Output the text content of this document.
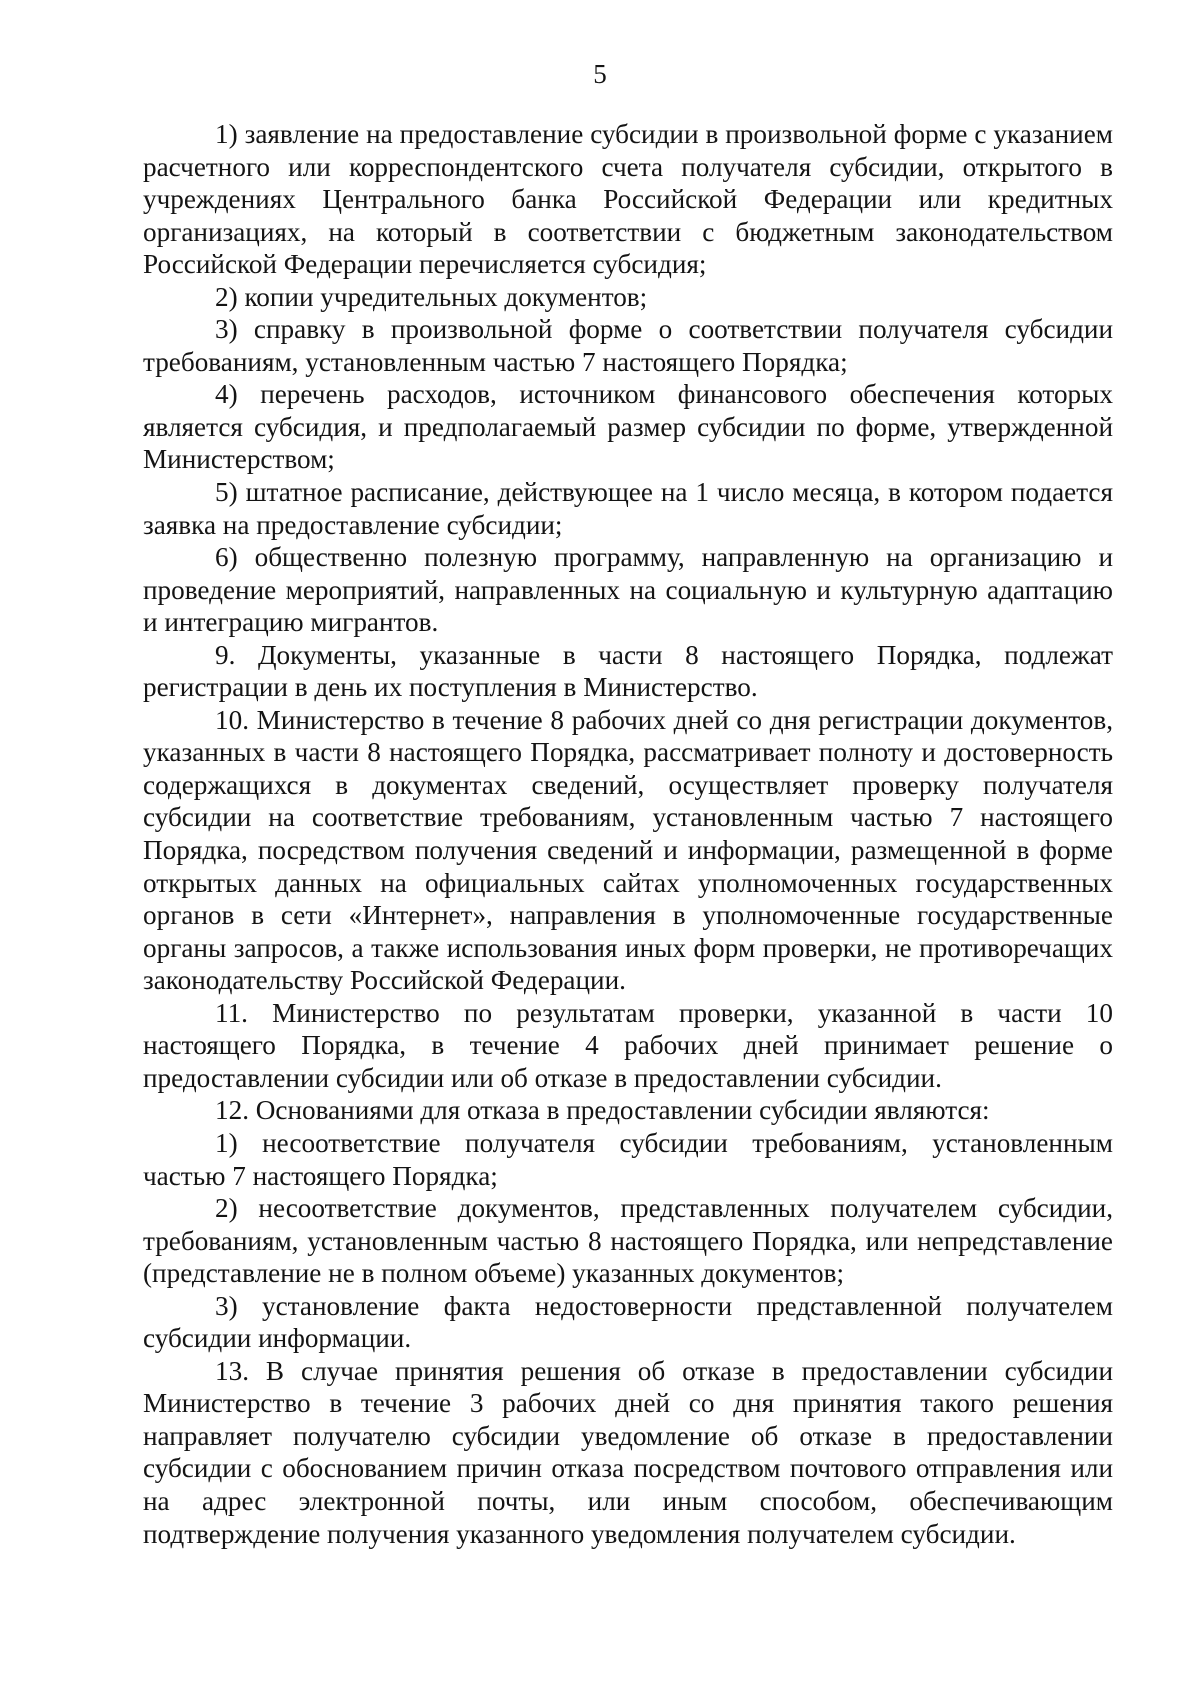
5

1) заявление на предоставление субсидии в произвольной форме с указанием расчетного или корреспондентского счета получателя субсидии, открытого в учреждениях Центрального банка Российской Федерации или кредитных организациях, на который в соответствии с бюджетным законодательством Российской Федерации перечисляется субсидия;

2) копии учредительных документов;

3) справку в произвольной форме о соответствии получателя субсидии требованиям, установленным частью 7 настоящего Порядка;

4) перечень расходов, источником финансового обеспечения которых является субсидия, и предполагаемый размер субсидии по форме, утвержденной Министерством;

5) штатное расписание, действующее на 1 число месяца, в котором подается заявка на предоставление субсидии;

6) общественно полезную программу, направленную на организацию и проведение мероприятий, направленных на социальную и культурную адаптацию и интеграцию мигрантов.

9. Документы, указанные в части 8 настоящего Порядка, подлежат регистрации в день их поступления в Министерство.

10. Министерство в течение 8 рабочих дней со дня регистрации документов, указанных в части 8 настоящего Порядка, рассматривает полноту и достоверность содержащихся в документах сведений, осуществляет проверку получателя субсидии на соответствие требованиям, установленным частью 7 настоящего Порядка, посредством получения сведений и информации, размещенной в форме открытых данных на официальных сайтах уполномоченных государственных органов в сети «Интернет», направления в уполномоченные государственные органы запросов, а также использования иных форм проверки, не противоречащих законодательству Российской Федерации.

11. Министерство по результатам проверки, указанной в части 10 настоящего Порядка, в течение 4 рабочих дней принимает решение о предоставлении субсидии или об отказе в предоставлении субсидии.

12. Основаниями для отказа в предоставлении субсидии являются:

1) несоответствие получателя субсидии требованиям, установленным частью 7 настоящего Порядка;

2) несоответствие документов, представленных получателем субсидии, требованиям, установленным частью 8 настоящего Порядка, или непредставление (представление не в полном объеме) указанных документов;

3) установление факта недостоверности представленной получателем субсидии информации.

13. В случае принятия решения об отказе в предоставлении субсидии Министерство в течение 3 рабочих дней со дня принятия такого решения направляет получателю субсидии уведомление об отказе в предоставлении субсидии с обоснованием причин отказа посредством почтового отправления или на адрес электронной почты, или иным способом, обеспечивающим подтверждение получения указанного уведомления получателем субсидии.
